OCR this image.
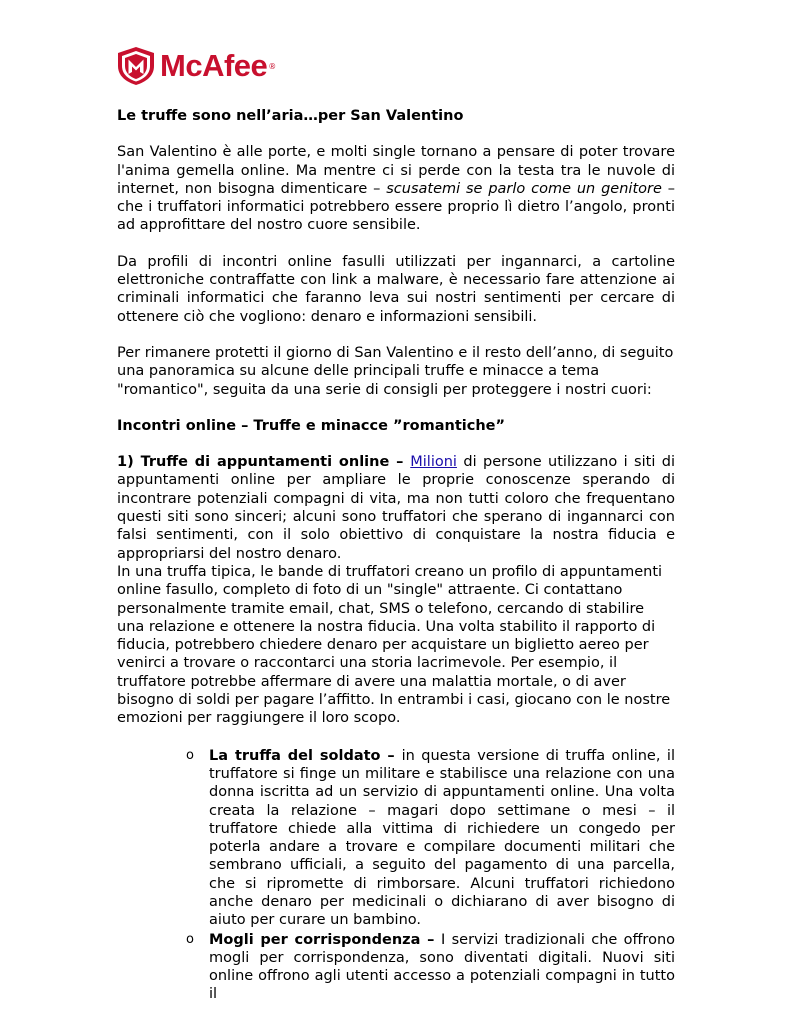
McAfee ®

Le truffe sono nell’aria…per San Valentino

San Valentino è alle porte, e molti single tornano a pensare di poter trovare l'anima gemella online. Ma mentre ci si perde con la testa tra le nuvole di internet, non bisogna dimenticare – scusatemi se parlo come un genitore – che i truffatori informatici potrebbero essere proprio lì dietro l’angolo, pronti ad approfittare del nostro cuore sensibile.

Da profili di incontri online fasulli utilizzati per ingannarci, a cartoline elettroniche contraffatte con link a malware, è necessario fare attenzione ai criminali informatici che faranno leva sui nostri sentimenti per cercare di ottenere ciò che vogliono: denaro e informazioni sensibili.

Per rimanere protetti il giorno di San Valentino e il resto dell’anno, di seguito una panoramica su alcune delle principali truffe e minacce a tema "romantico", seguita da una serie di consigli per proteggere i nostri cuori:

Incontri online – Truffe e minacce ”romantiche”

1) Truffe di appuntamenti online – Milioni di persone utilizzano i siti di appuntamenti online per ampliare le proprie conoscenze sperando di incontrare potenziali compagni di vita, ma non tutti coloro che frequentano questi siti sono sinceri; alcuni sono truffatori che sperano di ingannarci con falsi sentimenti, con il solo obiettivo di conquistare la nostra fiducia e appropriarsi del nostro denaro.

In una truffa tipica, le bande di truffatori creano un profilo di appuntamenti online fasullo, completo di foto di un "single" attraente. Ci contattano personalmente tramite email, chat, SMS o telefono, cercando di stabilire una relazione e ottenere la nostra fiducia. Una volta stabilito il rapporto di fiducia, potrebbero chiedere denaro per acquistare un biglietto aereo per venirci a trovare o raccontarci una storia lacrimevole. Per esempio, il truffatore potrebbe affermare di avere una malattia mortale, o di aver bisogno di soldi per pagare l’affitto. In entrambi i casi, giocano con le nostre emozioni per raggiungere il loro scopo.

o La truffa del soldato – in questa versione di truffa online, il truffatore si finge un militare e stabilisce una relazione con una donna iscritta ad un servizio di appuntamenti online. Una volta creata la relazione – magari dopo settimane o mesi – il truffatore chiede alla vittima di richiedere un congedo per poterla andare a trovare e compilare documenti militari che sembrano ufficiali, a seguito del pagamento di una parcella, che si ripromette di rimborsare. Alcuni truffatori richiedono anche denaro per medicinali o dichiarano di aver bisogno di aiuto per curare un bambino.
o Mogli per corrispondenza – I servizi tradizionali che offrono mogli per corrispondenza, sono diventati digitali. Nuovi siti online offrono agli utenti accesso a potenziali compagni in tutto il
